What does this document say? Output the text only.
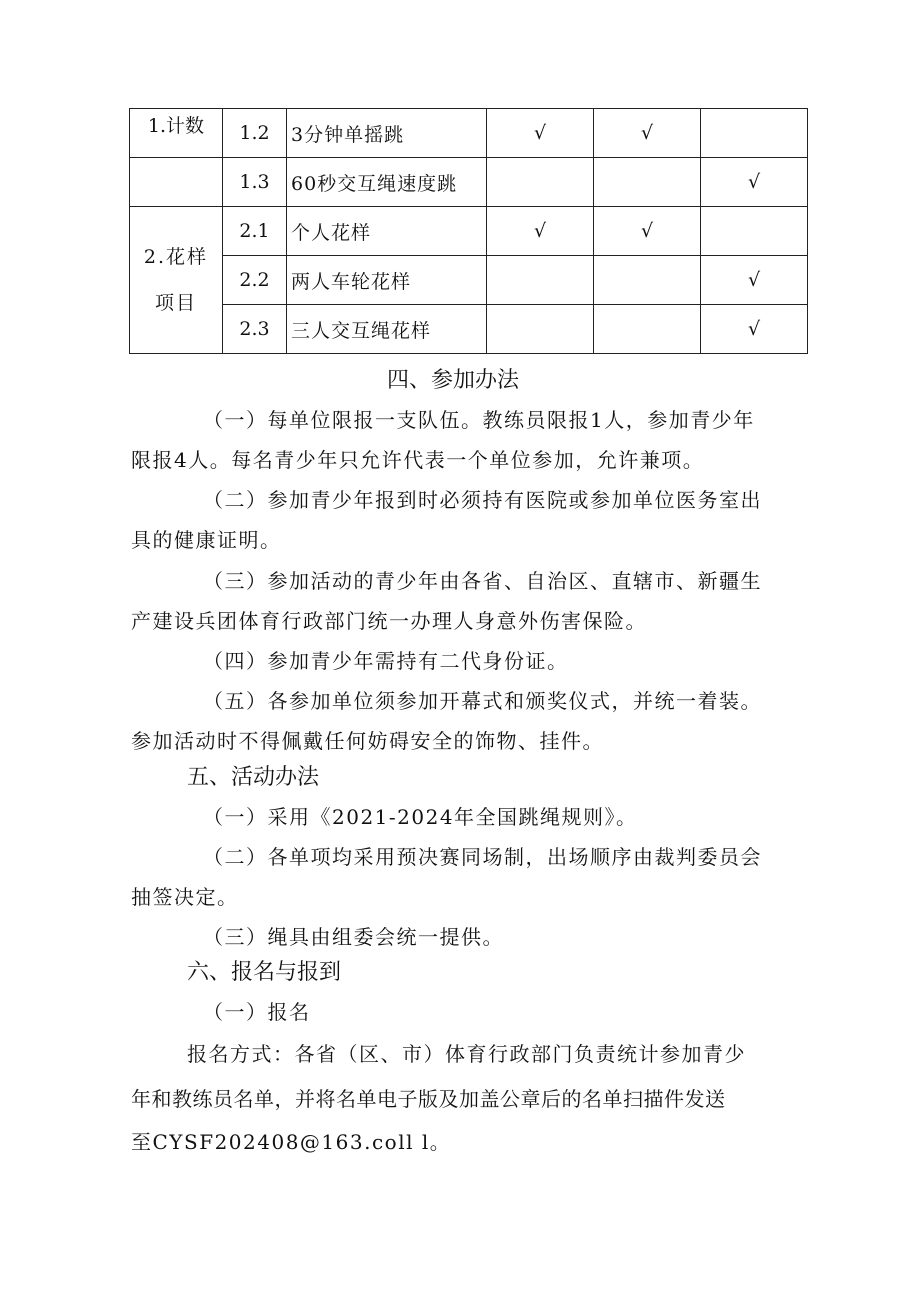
1.计数	1.2	3分钟单摇跳	√	√	
	1.3	60秒交互绳速度跳			√

2.花样
项目	2.1	个人花样	√	√	
	2.2	两人车轮花样			√
	2.3	三人交互绳花样			√
四、参加办法
（一）每单位限报一支队伍。教练员限报1人，参加青少年
限报4人。每名青少年只允许代表一个单位参加，允许兼项。
（二）参加青少年报到时必须持有医院或参加单位医务室出
具的健康证明。
（三）参加活动的青少年由各省、自治区、直辖市、新疆生
产建设兵团体育行政部门统一办理人身意外伤害保险。
（四）参加青少年需持有二代身份证。
（五）各参加单位须参加开幕式和颁奖仪式，并统一着装。
参加活动时不得佩戴任何妨碍安全的饰物、挂件。
五、活动办法
（一）采用《2021-2024年全国跳绳规则》。
（二）各单项均采用预决赛同场制，出场顺序由裁判委员会
抽签决定。
（三）绳具由组委会统一提供。
六、报名与报到
（一）报名
报名方式：各省（区、市）体育行政部门负责统计参加青少
年和教练员名单，并将名单电子版及加盖公章后的名单扫描件发送
至CYSF202408@163.coll l。
